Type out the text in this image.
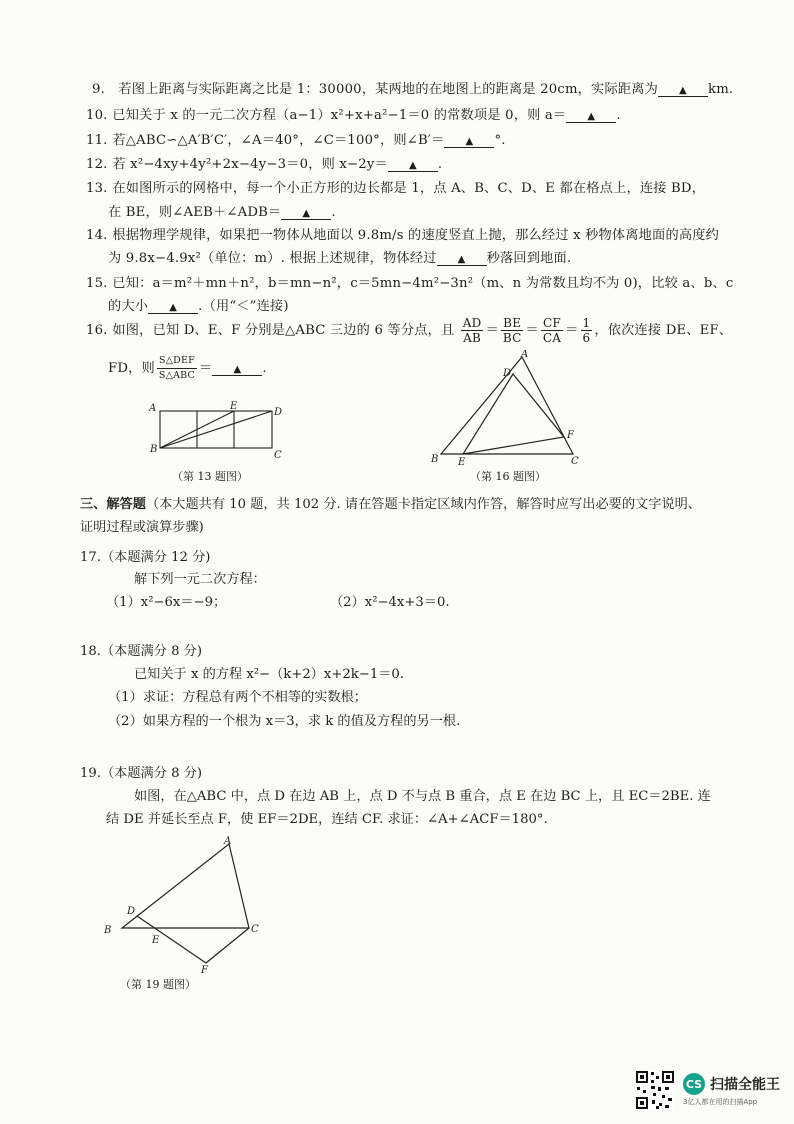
9. 若图上距离与实际距离之比是 1：30000，某两地的在地图上的距离是 20cm，实际距离为 ▲ km.
10. 已知关于 x 的一元二次方程（a−1）x²+x+a²−1＝0 的常数项是 0，则 a＝ ▲ .
11. 若△ABC∽△A′B′C′，∠A＝40°，∠C＝100°，则∠B′＝ ▲ °.
12. 若 x²−4xy+4y²+2x−4y−3＝0，则 x−2y＝ ▲ .
13. 在如图所示的网格中，每一个小正方形的边长都是 1，点 A、B、C、D、E 都在格点上，连接 BD，
在 BE，则∠AEB＋∠ADB＝ ▲ .
14. 根据物理学规律，如果把一物体从地面以 9.8m/s 的速度竖直上抛，那么经过 x 秒物体离地面的高度约
为 9.8x−4.9x²（单位：m）. 根据上述规律，物体经过 ▲ 秒落回到地面.
15. 已知：a＝m²＋mn＋n²，b＝mn−n²，c＝5mn−4m²−3n²（m、n 为常数且均不为 0)，比较 a、b、c
的大小 ▲ .（用“＜”连接)
16. 如图，已知 D、E、F 分别是△ABC 三边的 6 等分点，且 $\frac{AD}{AB} = \frac{BE}{BC} = \frac{CF}{CA} = \frac{1}{6}$ ，依次连接 DE、EF、
FD，则 $\frac{\text{S△DEF}}{\text{S△ABC}}$ ＝ ▲ .
A
B
C
D
E
（第 13 题图）
A
B	C
D
E
F
（第 16 题图）
三、解答题（本大题共有 10 题，共 102 分. 请在答题卡指定区域内作答，解答时应写出必要的文字说明、
证明过程或演算步骤)
17.（本题满分 12 分)
解下列一元二次方程：
（1）x²−6x＝−9；	（2）x²−4x+3＝0.
18.（本题满分 8 分)
已知关于 x 的方程 x²−（k+2）x+2k−1＝0.
（1）求证：方程总有两个不相等的实数根；
（2）如果方程的一个根为 x＝3，求 k 的值及方程的另一根.
19.（本题满分 8 分)
如图，在△ABC 中，点 D 在边 AB 上，点 D 不与点 B 重合，点 E 在边 BC 上，且 EC＝2BE. 连
结 DE 并延长至点 F，使 EF＝2DE，连结 CF. 求证：∠A+∠ACF＝180°.
A
B	C
D
E
F
（第 19 题图）
CS 扫描全能王
3亿人都在用的扫描App
